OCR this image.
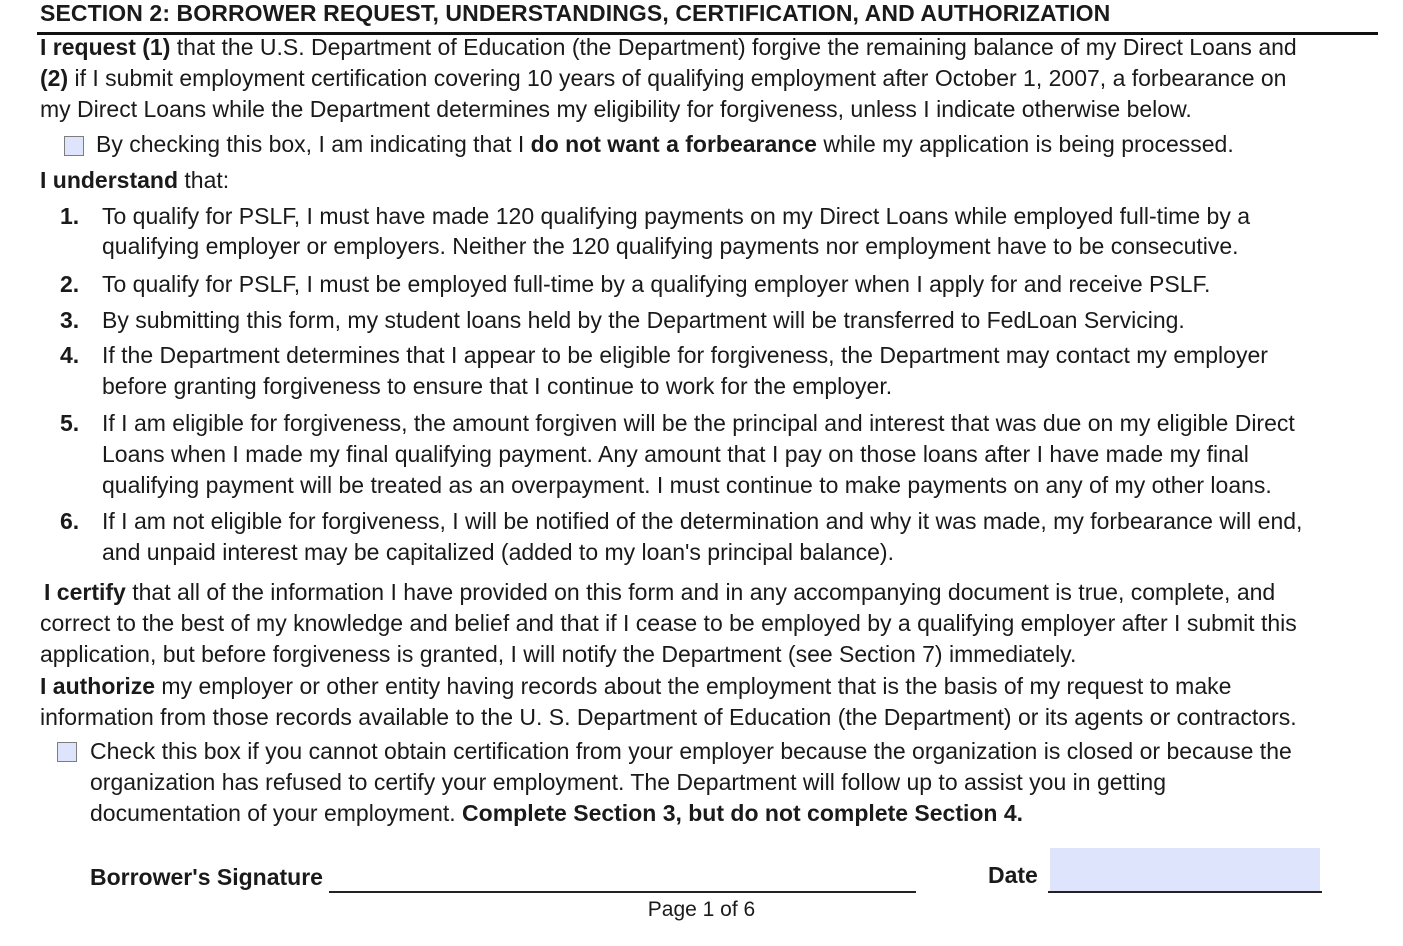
SECTION 2: BORROWER REQUEST, UNDERSTANDINGS, CERTIFICATION, AND AUTHORIZATION
I request (1) that the U.S. Department of Education (the Department) forgive the remaining balance of my Direct Loans and
(2) if I submit employment certification covering 10 years of qualifying employment after October 1, 2007, a forbearance on
my Direct Loans while the Department determines my eligibility for forgiveness, unless I indicate otherwise below.
By checking this box, I am indicating that I do not want a forbearance while my application is being processed.
I understand that:
1. To qualify for PSLF, I must have made 120 qualifying payments on my Direct Loans while employed full-time by a
qualifying employer or employers. Neither the 120 qualifying payments nor employment have to be consecutive.
2. To qualify for PSLF, I must be employed full-time by a qualifying employer when I apply for and receive PSLF.
3. By submitting this form, my student loans held by the Department will be transferred to FedLoan Servicing.
4. If the Department determines that I appear to be eligible for forgiveness, the Department may contact my employer
before granting forgiveness to ensure that I continue to work for the employer.
5. If I am eligible for forgiveness, the amount forgiven will be the principal and interest that was due on my eligible Direct
Loans when I made my final qualifying payment. Any amount that I pay on those loans after I have made my final
qualifying payment will be treated as an overpayment. I must continue to make payments on any of my other loans.
6. If I am not eligible for forgiveness, I will be notified of the determination and why it was made, my forbearance will end,
and unpaid interest may be capitalized (added to my loan's principal balance).
I certify that all of the information I have provided on this form and in any accompanying document is true, complete, and
correct to the best of my knowledge and belief and that if I cease to be employed by a qualifying employer after I submit this
application, but before forgiveness is granted, I will notify the Department (see Section 7) immediately.
I authorize my employer or other entity having records about the employment that is the basis of my request to make
information from those records available to the U. S. Department of Education (the Department) or its agents or contractors.
Check this box if you cannot obtain certification from your employer because the organization is closed or because the
organization has refused to certify your employment. The Department will follow up to assist you in getting
documentation of your employment. Complete Section 3, but do not complete Section 4.
Borrower's Signature	Date
Page 1 of 6
